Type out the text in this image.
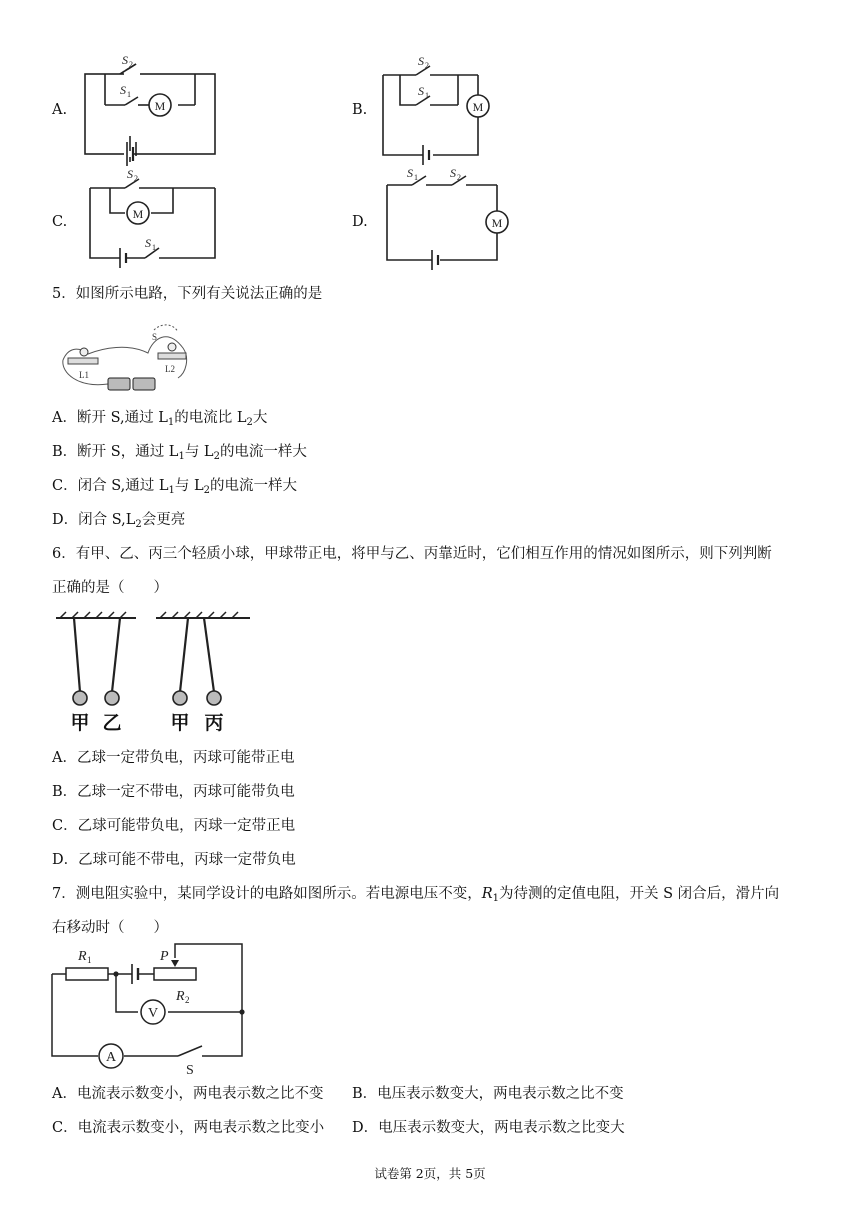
A.	M
S 2
S 1
B.	M
S 2
S 1
C.	M
S 2
S 1
D.	M
S 1	S 2
5．如图所示电路，下列有关说法正确的是
L1
L2
S
A．断开 S,通过 $L_1$的电流比 $L_2$大
B．断开 S，通过 $L_1$与 $L_2$的电流一样大
C．闭合 S,通过 $L_1$与 $L_2$的电流一样大
D．闭合 $S,L_2$会更亮
6．有甲、乙、丙三个轻质小球，甲球带正电，将甲与乙、丙靠近时，它们相互作用的情况如图所示，则下列判断
正确的是（　　）
甲 乙	甲 丙
A．乙球一定带负电，丙球可能带正电
B．乙球一定不带电，丙球可能带负电
C．乙球可能带负电，丙球一定带正电
D．乙球可能不带电，丙球一定带负电
7．测电阻实验中，某同学设计的电路如图所示。若电源电压不变，$R_1$为待测的定值电阻，开关 S 闭合后，滑片向
右移动时（　　）
V
A
S
R 1
R 2
P
A．电流表示数变小，两电表示数之比不变 B．电压表示数变大，两电表示数之比不变
C．电流表示数变小，两电表示数之比变小 D．电压表示数变大，两电表示数之比变大
试卷第 2页，共 5页
